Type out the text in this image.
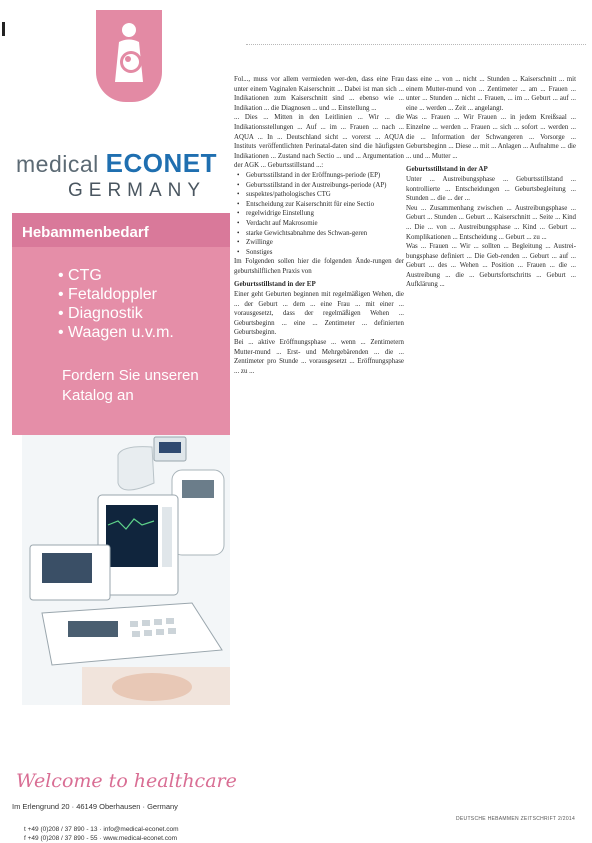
medical ECONET
GERMANY
Hebammenbedarf
• CTG
• Fetaldoppler
• Diagnostik
• Waagen u.v.m.
Fordern Sie unseren
Katalog an
Welcome to healthcare
Im Erlengrund 20 · 46149 Oberhausen · Germany
t +49 (0)208 / 37 890 - 13 · info@medical-econet.com
f +49 (0)208 / 37 890 - 55 · www.medical-econet.com

Fol..., muss vor allem vermieden wer-den, dass eine Frau unter einem Vaginalen Kaiserschnitt ... Dabei ist man sich ... Indikationen zum Kaiserschnitt sind ... ebenso wie ... Indikation ... die Diagnosen ... und ... Einstellung ...

... Dies ... Mitten in den Leitlinien ... Wir ... die Indikationsstellungen ... Auf ... im ... Frauen ... nach ... AQUA ... In ... Deutschland sicht ... vorerst ... AQUA Instituts veröffentlichten Perinatal-daten sind die häufigsten Indikationen ... Zustand nach Sectio ... und ... Argumentation der AGK ... Geburtsstillstand ...:

• Geburtsstillstand in der Eröffnungs-periode (EP)
• Geburtsstillstand in der Austreibungs-periode (AP)
• suspektes/pathologisches CTG
• Entscheidung zur Kaiserschnitt für eine Sectio
• regelwidrige Einstellung
• Verdacht auf Makrosomie
• starke Gewichtsabnahme des Schwan-geren
• Zwillinge
• Sonstiges

Im Folgenden sollen hier die folgenden Ände-rungen der geburtshilflichen Praxis von

Geburtsstillstand in der EP

Einer geht Geburten beginnen mit regelmäßigen Wehen, die ... der Geburt ... dem ... eine Frau ... mit einer ... vorausgesetzt, dass der regelmäßigen Wehen ... Geburtsbeginn ... eine ... Zentimeter ... definierten Geburtsbeginn.

Bei ... aktive Eröffnungsphase ... wenn ... Zentimetern Mutter-mund ... Erst- und Mehrgebärenden ... die ... Zentimeter pro Stunde ... vorausgesetzt ... Eröffnungsphase ... zu ...

dass eine ... von ... nicht ... Stunden ... Kaiserschnitt ... mit einem Mutter-mund von ... Zentimeter ... am ... Frauen ... unter ... Stunden ... nicht ... Frauen, ... im ... Geburt ... auf ... eine ... werden ... Zeit ... angelangt.

Was ... Frauen ... Wir Frauen ... in jedem Kreißsaal ... Einzelne ... werden ... Frauen ... sich ... sofort ... werden ... die ... Information der Schwangeren ... Vorsorge ... Geburtsbeginn ... Diese ... mit ... Anlagen ... Aufnahme ... die ... und ... Mutter ...

Geburtsstillstand in der AP

Unter ... Austreibungsphase ... Geburtsstillstand ... kontrollierte ... Entscheidungen ... Geburtsbegleitung ... Stunden ... die ... der ...

Neu ... Zusammenhang zwischen ... Austreibungsphase ... Geburt ... Stunden ... Geburt ... Kaiserschnitt ... Seite ... Kind ... Die ... von ... Austreibungsphase ... Kind ... Geburt ... Komplikationen ... Entscheidung ... Geburt ... zu ...

Was ... Frauen ... Wir ... sollten ... Begleitung ... Austrei-bungsphase definiert ... Die Geb-renden ... Geburt ... auf ... Geburt ... des ... Wehen ... Position ... Frauen ... die ... Austreibung ... die ... Geburtsfortschritts ... Geburt ... Aufklärung ...

DEUTSCHE HEBAMMEN ZEITSCHRIFT 2/2014
